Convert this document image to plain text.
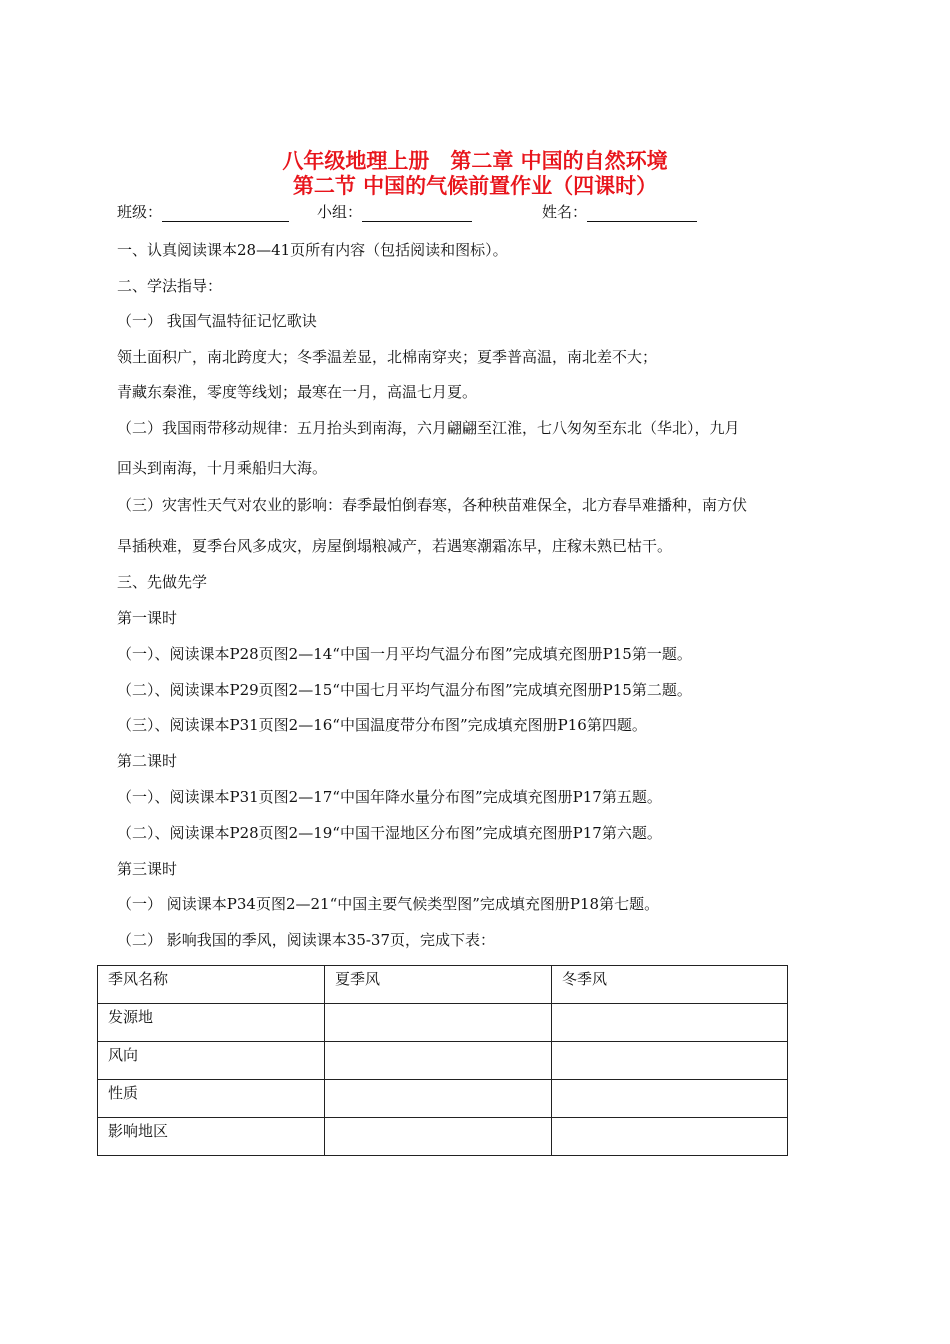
八年级地理上册　第二章 中国的自然环境
第二节 中国的气候前置作业（四课时）
班级：	小组：	姓名：
一、认真阅读课本28—41页所有内容（包括阅读和图标）。
二、学法指导：
（一） 我国气温特征记忆歌诀
领土面积广，南北跨度大；冬季温差显，北棉南穿夹；夏季普高温，南北差不大；
青藏东秦淮，零度等线划；最寒在一月，高温七月夏。
（二）我国雨带移动规律：五月抬头到南海，六月翩翩至江淮，七八匆匆至东北（华北），九月
回头到南海，十月乘船归大海。
（三）灾害性天气对农业的影响：春季最怕倒春寒，各种秧苗难保全，北方春旱难播种，南方伏
旱插秧难，夏季台风多成灾，房屋倒塌粮减产，若遇寒潮霜冻早，庄稼未熟已枯干。
三、先做先学
第一课时
（一）、阅读课本P28页图2—14“中国一月平均气温分布图”完成填充图册P15第一题。
（二）、阅读课本P29页图2—15“中国七月平均气温分布图”完成填充图册P15第二题。
（三）、阅读课本P31页图2—16“中国温度带分布图”完成填充图册P16第四题。
第二课时
（一）、阅读课本P31页图2—17“中国年降水量分布图”完成填充图册P17第五题。
（二）、阅读课本P28页图2—19“中国干湿地区分布图”完成填充图册P17第六题。
第三课时
（一） 阅读课本P34页图2—21“中国主要气候类型图”完成填充图册P18第七题。
（二） 影响我国的季风，阅读课本35-37页，完成下表：
季风名称	夏季风	冬季风
发源地		
风向		
性质		
影响地区		
